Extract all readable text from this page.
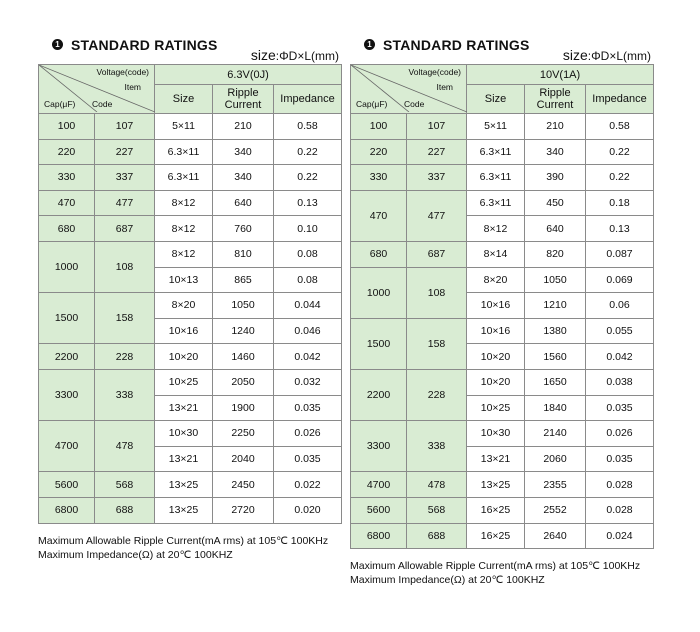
1 STANDARD RATINGS
size:ΦD×L(mm)
Voltage(code)
Item
Cap(μF) Code		6.3V(0J)		
		Size	Ripple Current	Impedance
100	107	5×11	210	0.58
220	227	6.3×11	340	0.22
330	337	6.3×11	340	0.22
470	477	8×12	640	0.13
680	687	8×12	760	0.10
1000	108	8×12	810	0.08
		10×13	865	0.08
1500	158	8×20	1050	0.044
		10×16	1240	0.046
2200	228	10×20	1460	0.042
3300	338	10×25	2050	0.032
		13×21	1900	0.035
4700	478	10×30	2250	0.026
		13×21	2040	0.035
5600	568	13×25	2450	0.022
6800	688	13×25	2720	0.020
Maximum Allowable Ripple Current(mA rms) at 105℃ 100KHz
Maximum Impedance(Ω) at 20℃ 100KHZ
1 STANDARD RATINGS
size:ΦD×L(mm)
Voltage(code)
Item
Cap(μF) Code		10V(1A)		
		Size	Ripple Current	Impedance
100	107	5×11	210	0.58
220	227	6.3×11	340	0.22
330	337	6.3×11	390	0.22
470	477	6.3×11	450	0.18
		8×12	640	0.13
680	687	8×14	820	0.087
1000	108	8×20	1050	0.069
		10×16	1210	0.06
1500	158	10×16	1380	0.055
		10×20	1560	0.042
2200	228	10×20	1650	0.038
		10×25	1840	0.035
3300	338	10×30	2140	0.026
		13×21	2060	0.035
4700	478	13×25	2355	0.028
5600	568	16×25	2552	0.028
6800	688	16×25	2640	0.024
Maximum Allowable Ripple Current(mA rms) at 105℃ 100KHz
Maximum Impedance(Ω) at 20℃ 100KHZ
